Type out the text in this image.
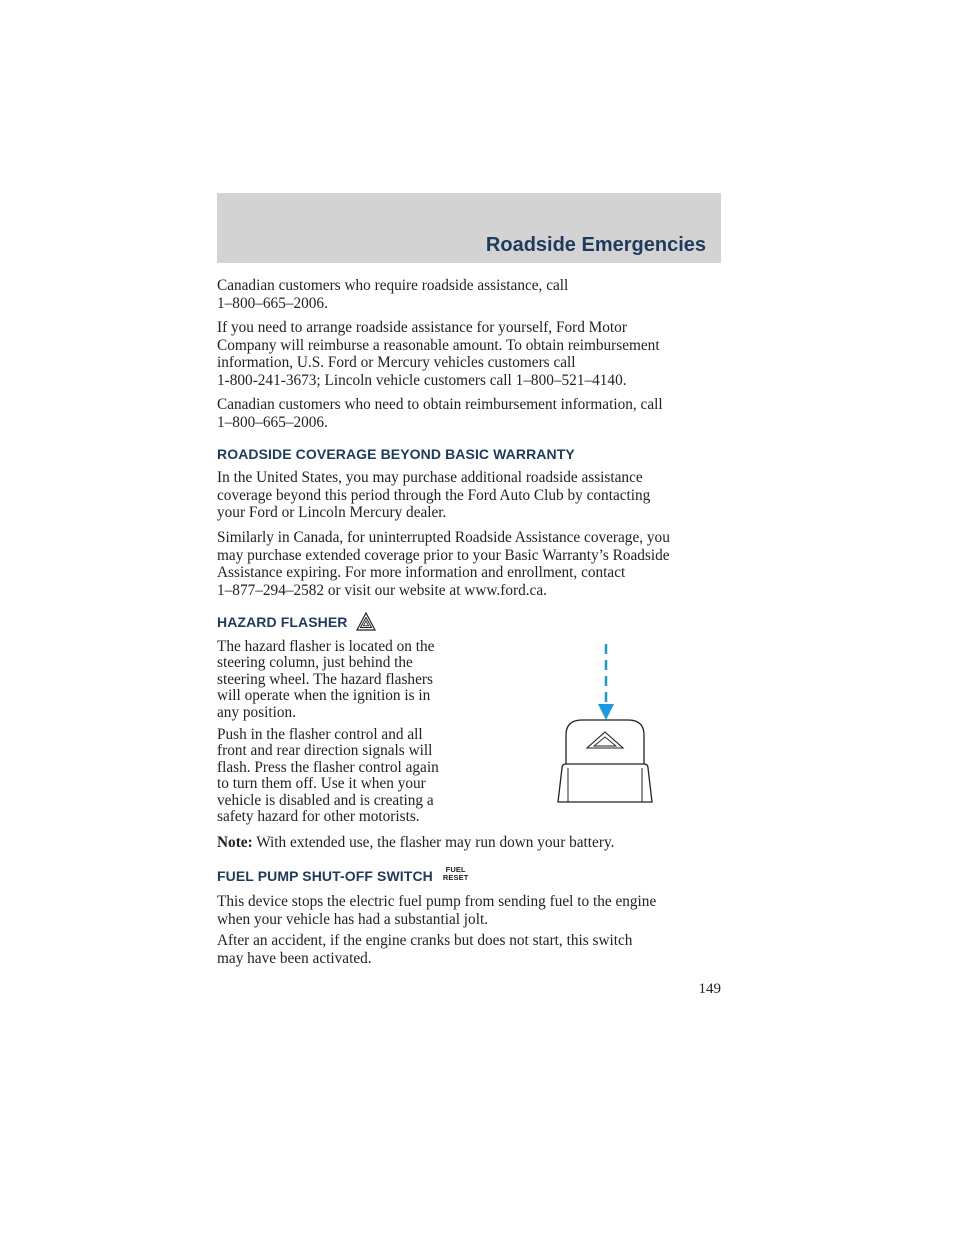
Roadside Emergencies

Canadian customers who require roadside assistance, call
1–800–665–2006.

If you need to arrange roadside assistance for yourself, Ford Motor
Company will reimburse a reasonable amount. To obtain reimbursement
information, U.S. Ford or Mercury vehicles customers call
1-800-241-3673; Lincoln vehicle customers call 1–800–521–4140.

Canadian customers who need to obtain reimbursement information, call
1–800–665–2006.

ROADSIDE COVERAGE BEYOND BASIC WARRANTY

In the United States, you may purchase additional roadside assistance
coverage beyond this period through the Ford Auto Club by contacting
your Ford or Lincoln Mercury dealer.

Similarly in Canada, for uninterrupted Roadside Assistance coverage, you
may purchase extended coverage prior to your Basic Warranty’s Roadside
Assistance expiring. For more information and enrollment, contact
1–877–294–2582 or visit our website at www.ford.ca.

HAZARD FLASHER

The hazard flasher is located on the
steering column, just behind the
steering wheel. The hazard flashers
will operate when the ignition is in
any position.

Push in the flasher control and all
front and rear direction signals will
flash. Press the flasher control again
to turn them off. Use it when your
vehicle is disabled and is creating a
safety hazard for other motorists.

Note: With extended use, the flasher may run down your battery.

FUEL PUMP SHUT-OFF SWITCH	FUEL
RESET

This device stops the electric fuel pump from sending fuel to the engine
when your vehicle has had a substantial jolt.

After an accident, if the engine cranks but does not start, this switch
may have been activated.

149
